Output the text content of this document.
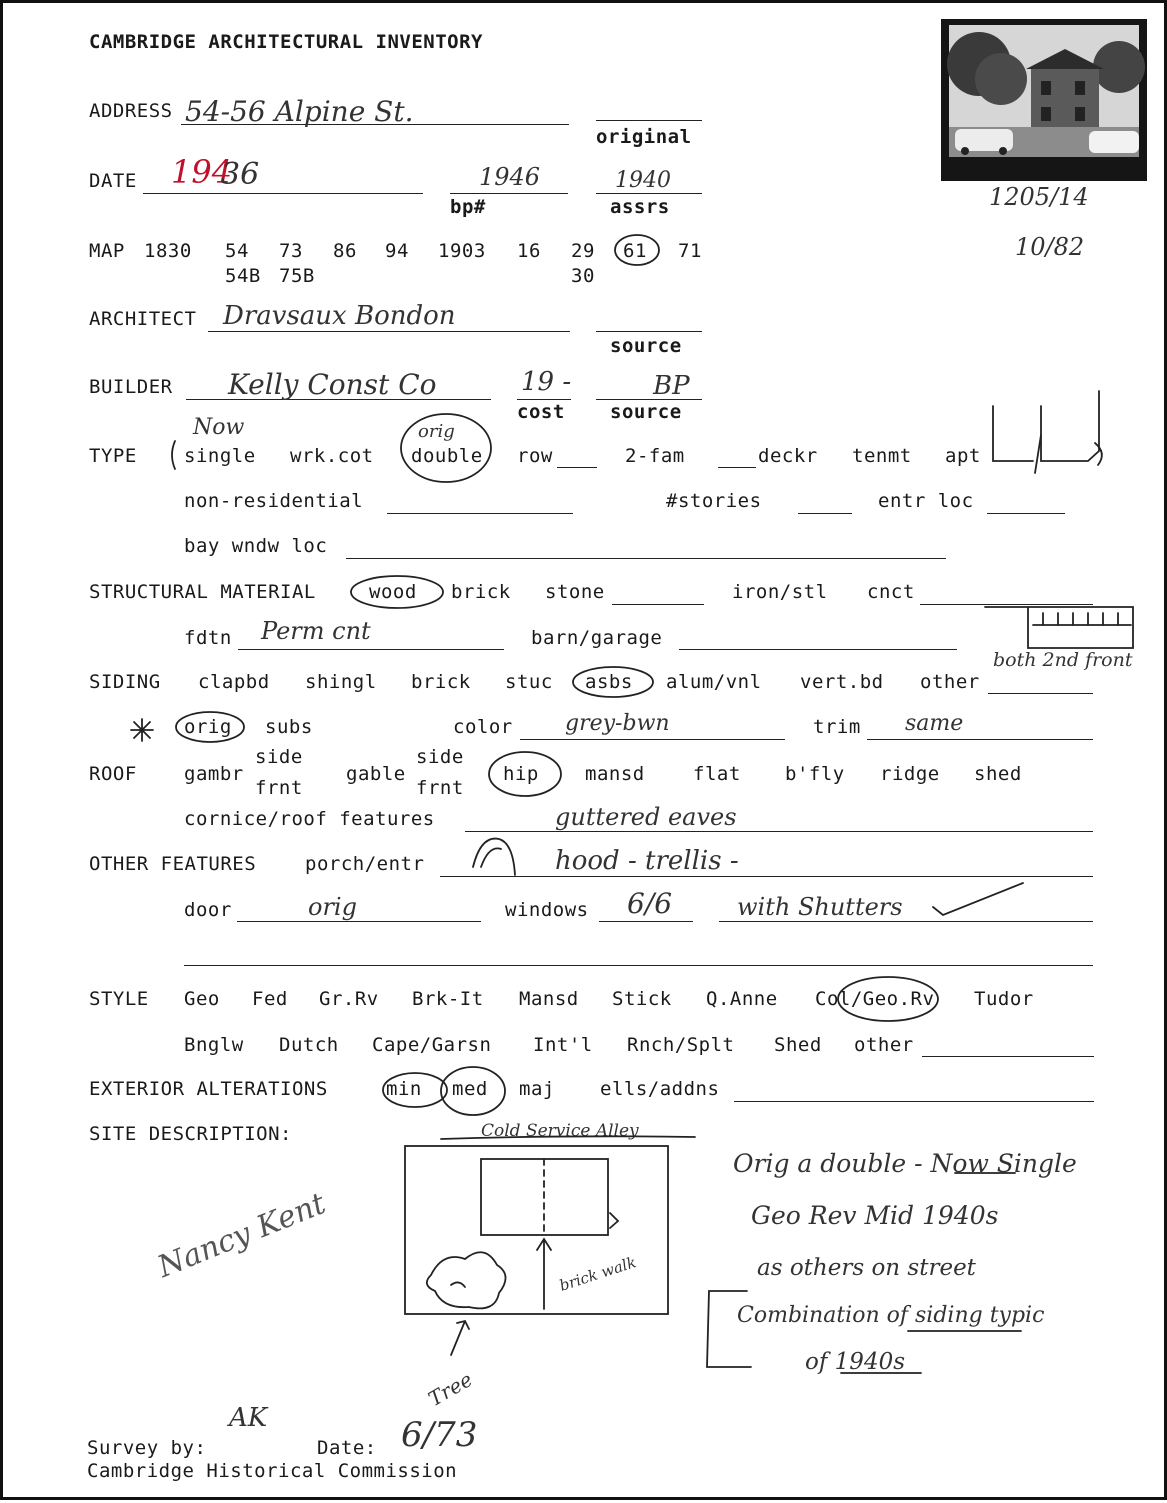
CAMBRIDGE ARCHITECTURAL INVENTORY
ADDRESS 54-56 Alpine St.
original
DATE 194
36	1946
bp#
1940
assrs	1205/14
10/82
MAP 1830 54 73 86 94 1903 16 29 61 71
54B 75B	30
ARCHITECT Dravsaux Bondon
source
BUILDER Kelly Const Co	19 -
cost
BP
source
Now	orig
TYPE single wrk.cot double row	2-fam	deckr tenmt apt
non-residential	#stories	entr loc
bay wndw loc
STRUCTURAL MATERIAL	wood brick stone	iron/stl cnct
fdtn Perm cnt	barn/garage
SIDING clapbd shingl brick stuc asbs alum/vnl vert.bd other
both 2nd front
orig subs	color grey-bwn	trim same
ROOF gambr
side
frnt
gable
side
frnt
hip mansd	flat b'fly ridge shed
cornice/roof features	guttered eaves
OTHER FEATURES	porch/entr	hood - trellis -
door	orig	windows 6/6	with Shutters
STYLE Geo Fed Gr.Rv Brk-It Mansd Stick Q.Anne Col/Geo.Rv Tudor
Bnglw Dutch Cape/Garsn Int'l Rnch/Splt Shed other
EXTERIOR ALTERATIONS	min med maj ells/addns
SITE DESCRIPTION:	Cold Service Alley
brick walk
Tree
Nancy Kent
Orig a double - Now Single
Geo Rev Mid 1940s
as others on street
Combination of siding typic
of 1940s
Survey by:
AK
Date: 6/73
Cambridge Historical Commission
